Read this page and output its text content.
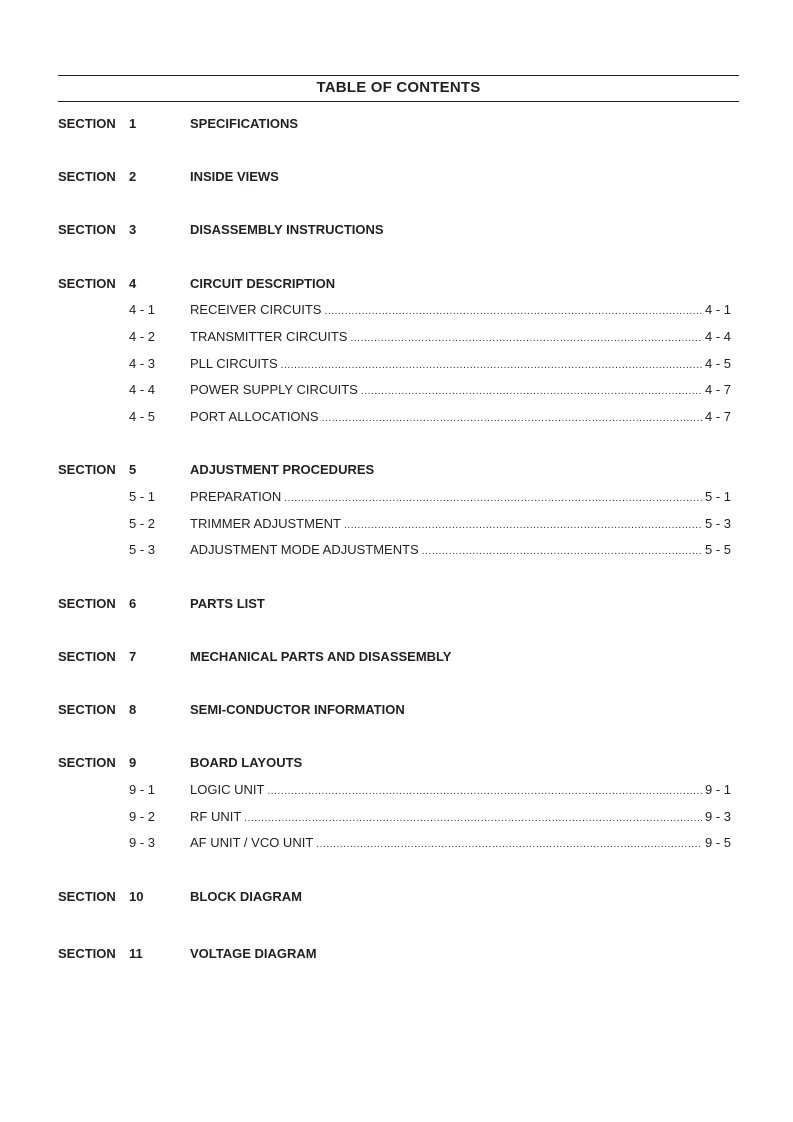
TABLE OF CONTENTS
SECTION 1	SPECIFICATIONS
SECTION 2	INSIDE VIEWS
SECTION 3	DISASSEMBLY INSTRUCTIONS
SECTION 4	CIRCUIT DESCRIPTION
4 - 1	RECEIVER CIRCUITS .....	4 - 1
4 - 2	TRANSMITTER CIRCUITS .....	4 - 4
4 - 3	PLL CIRCUITS .....	4 - 5
4 - 4	POWER SUPPLY CIRCUITS .....	4 - 7
4 - 5	PORT ALLOCATIONS .....	4 - 7
SECTION 5	ADJUSTMENT PROCEDURES
5 - 1	PREPARATION .....	5 - 1
5 - 2	TRIMMER ADJUSTMENT .....	5 - 3
5 - 3	ADJUSTMENT MODE ADJUSTMENTS .....	5 - 5
SECTION 6	PARTS LIST
SECTION 7	MECHANICAL PARTS AND DISASSEMBLY
SECTION 8	SEMI-CONDUCTOR INFORMATION
SECTION 9	BOARD LAYOUTS
9 - 1	LOGIC UNIT .....	9 - 1
9 - 2	RF UNIT .....	9 - 3
9 - 3	AF UNIT / VCO UNIT .....	9 - 5
SECTION 10	BLOCK DIAGRAM
SECTION 11	VOLTAGE DIAGRAM
